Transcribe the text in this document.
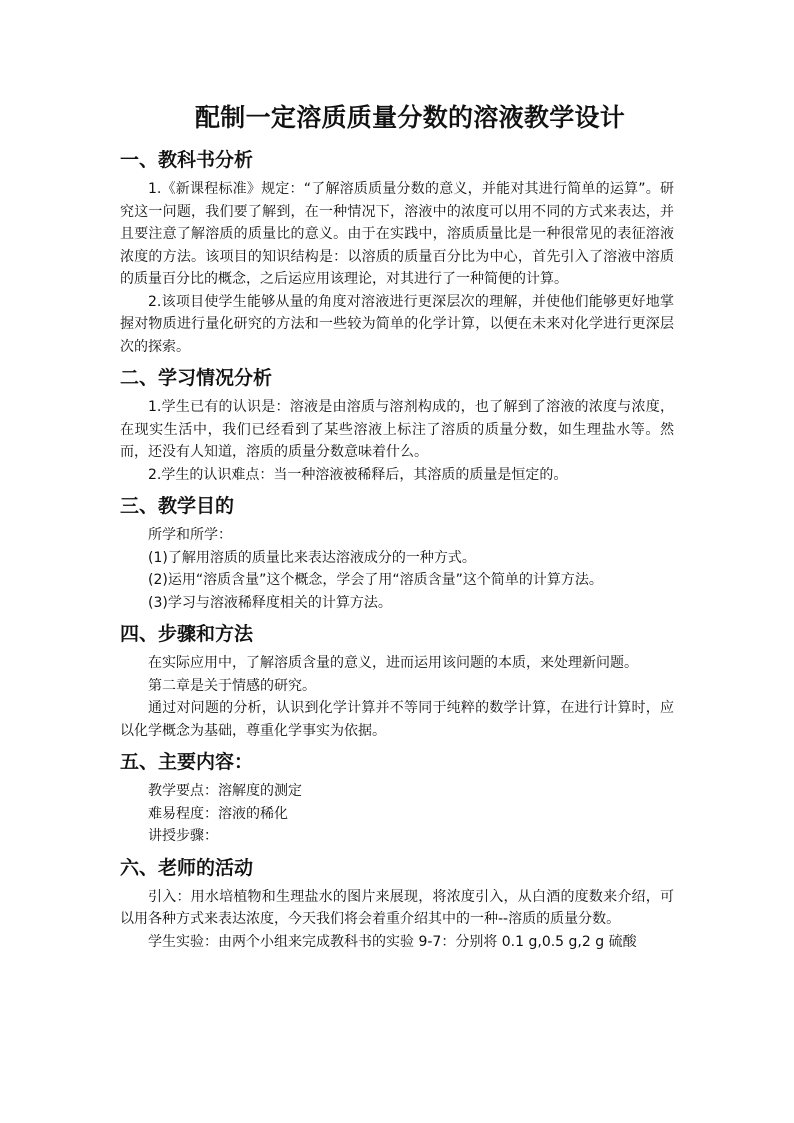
配制一定溶质质量分数的溶液教学设计
一、教科书分析

1.《新课程标准》规定：“了解溶质质量分数的意义，并能对其进行简单的运算”。研究这一问题，我们要了解到，在一种情况下，溶液中的浓度可以用不同的方式来表达，并且要注意了解溶质的质量比的意义。由于在实践中，溶质质量比是一种很常见的表征溶液浓度的方法。该项目的知识结构是：以溶质的质量百分比为中心，首先引入了溶液中溶质的质量百分比的概念，之后运应用该理论，对其进行了一种简便的计算。

2.该项目使学生能够从量的角度对溶液进行更深层次的理解，并使他们能够更好地掌握对物质进行量化研究的方法和一些较为简单的化学计算，以便在未来对化学进行更深层次的探索。

二、学习情况分析

1.学生已有的认识是：溶液是由溶质与溶剂构成的，也了解到了溶液的浓度与浓度，在现实生活中，我们已经看到了某些溶液上标注了溶质的质量分数，如生理盐水等。然而，还没有人知道，溶质的质量分数意味着什么。

2.学生的认识难点：当一种溶液被稀释后，其溶质的质量是恒定的。

三、教学目的

所学和所学：

(1)了解用溶质的质量比来表达溶液成分的一种方式。

(2)运用“溶质含量”这个概念，学会了用“溶质含量”这个简单的计算方法。

(3)学习与溶液稀释度相关的计算方法。

四、步骤和方法

在实际应用中，了解溶质含量的意义，进而运用该问题的本质，来处理新问题。

第二章是关于情感的研究。

通过对问题的分析，认识到化学计算并不等同于纯粹的数学计算，在进行计算时，应以化学概念为基础，尊重化学事实为依据。

五、主要内容：

教学要点：溶解度的测定

难易程度：溶液的稀化

讲授步骤：

六、老师的活动

引入：用水培植物和生理盐水的图片来展现，将浓度引入，从白酒的度数来介绍，可以用各种方式来表达浓度，今天我们将会着重介绍其中的一种--溶质的质量分数。

学生实验：由两个小组来完成教科书的实验 9-7：分别将 0.1 g,0.5 g,2 g 硫酸
